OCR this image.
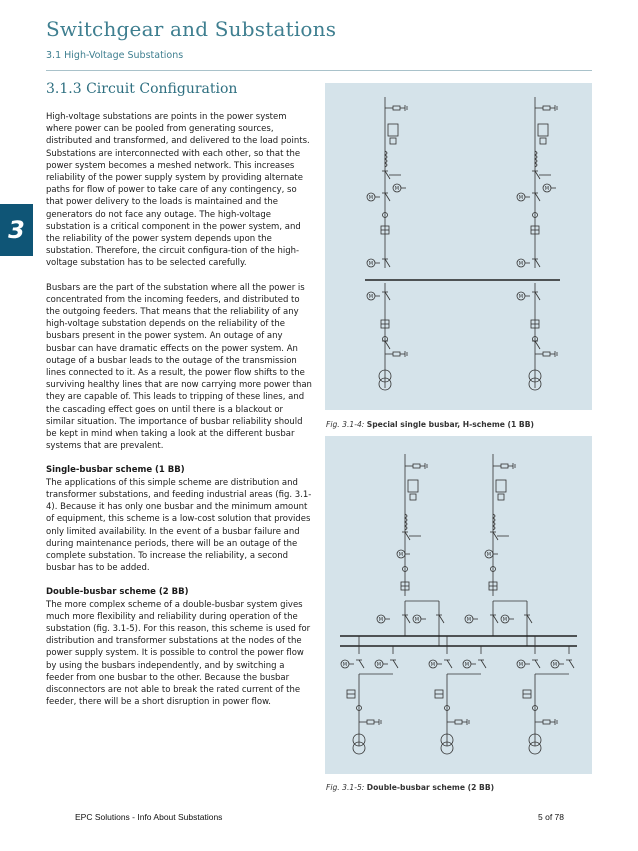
Switchgear and Substations
3.1 High-Voltage Substations
3.1.3 Circuit Configuration
3

High-voltage substations are points in the power system where power can be pooled from generating sources, distributed and transformed, and delivered to the load points. Substations are interconnected with each other, so that the power system becomes a meshed network. This increases reliability of the power supply system by providing alternate paths for flow of power to take care of any contingency, so that power delivery to the loads is maintained and the generators do not face any outage. The high-voltage substation is a critical component in the power system, and the reliability of the power system depends upon the substation. Therefore, the circuit configura-tion of the high-voltage substation has to be selected carefully.

Busbars are the part of the substation where all the power is concentrated from the incoming feeders, and distributed to the outgoing feeders. That means that the reliability of any high-voltage substation depends on the reliability of the busbars present in the power system. An outage of any busbar can have dramatic effects on the power system. An outage of a busbar leads to the outage of the transmission lines connected to it. As a result, the power flow shifts to the surviving healthy lines that are now carrying more power than they are capable of. This leads to tripping of these lines, and the cascading effect goes on until there is a blackout or similar situation. The importance of busbar reliability should be kept in mind when taking a look at the different busbar systems that are prevalent.

Single-busbar scheme (1 BB)

The applications of this simple scheme are distribution and transformer substations, and feeding industrial areas (fig. 3.1-4). Because it has only one busbar and the minimum amount of equipment, this scheme is a low-cost solution that provides only limited availability. In the event of a busbar failure and during maintenance periods, there will be an outage of the complete substation. To increase the reliability, a second busbar has to be added.

Double-busbar scheme (2 BB)

The more complex scheme of a double-busbar system gives much more flexibility and reliability during operation of the substation (fig. 3.1-5). For this reason, this scheme is used for distribution and transformer substations at the nodes of the power supply system. It is possible to control the power flow by using the busbars independently, and by switching a feeder from one busbar to the other. Because the busbar disconnectors are not able to break the rated current of the feeder, there will be a short disruption in power flow.

M
M
M
M
M
M
M
M
Fig. 3.1-4: Special single busbar, H-scheme (1 BB)
M
M	M
M
M	M
M	M	M	M	M	M
Fig. 3.1-5: Double-busbar scheme (2 BB)
EPC Solutions - Info About Substations	5 of 78
